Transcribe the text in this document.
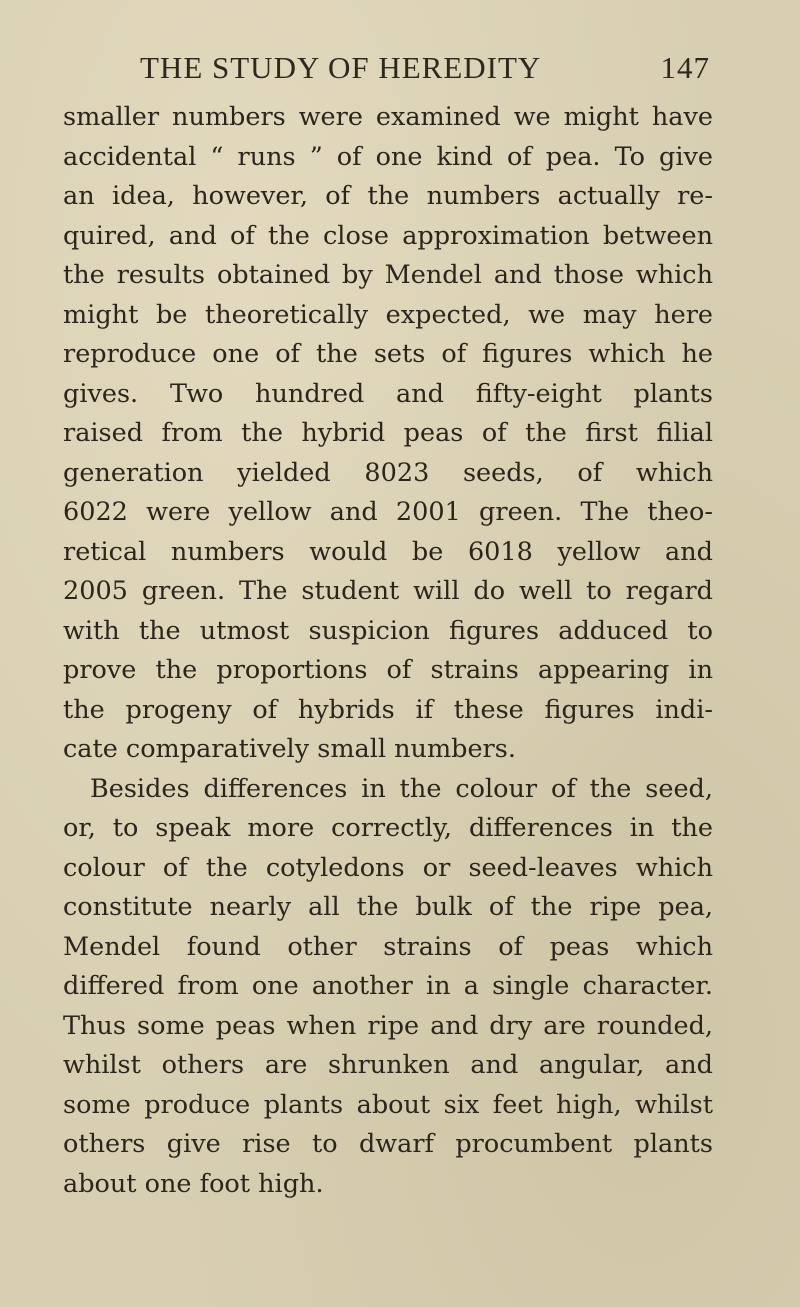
THE STUDY OF HEREDITY	147
smaller numbers were examined we might have
accidental “ runs ” of one kind of pea. To give
an idea, however, of the numbers actually re-
quired, and of the close approximation between
the results obtained by Mendel and those which
might be theoretically expected, we may here
reproduce one of the sets of figures which he
gives. Two hundred and fifty-eight plants
raised from the hybrid peas of the first filial
generation yielded 8023 seeds, of which
6022 were yellow and 2001 green. The theo-
retical numbers would be 6018 yellow and
2005 green. The student will do well to regard
with the utmost suspicion figures adduced to
prove the proportions of strains appearing in
the progeny of hybrids if these figures indi-
cate comparatively small numbers.
Besides differences in the colour of the seed,
or, to speak more correctly, differences in the
colour of the cotyledons or seed-leaves which
constitute nearly all the bulk of the ripe pea,
Mendel found other strains of peas which
differed from one another in a single character.
Thus some peas when ripe and dry are rounded,
whilst others are shrunken and angular, and
some produce plants about six feet high, whilst
others give rise to dwarf procumbent plants
about one foot high.
